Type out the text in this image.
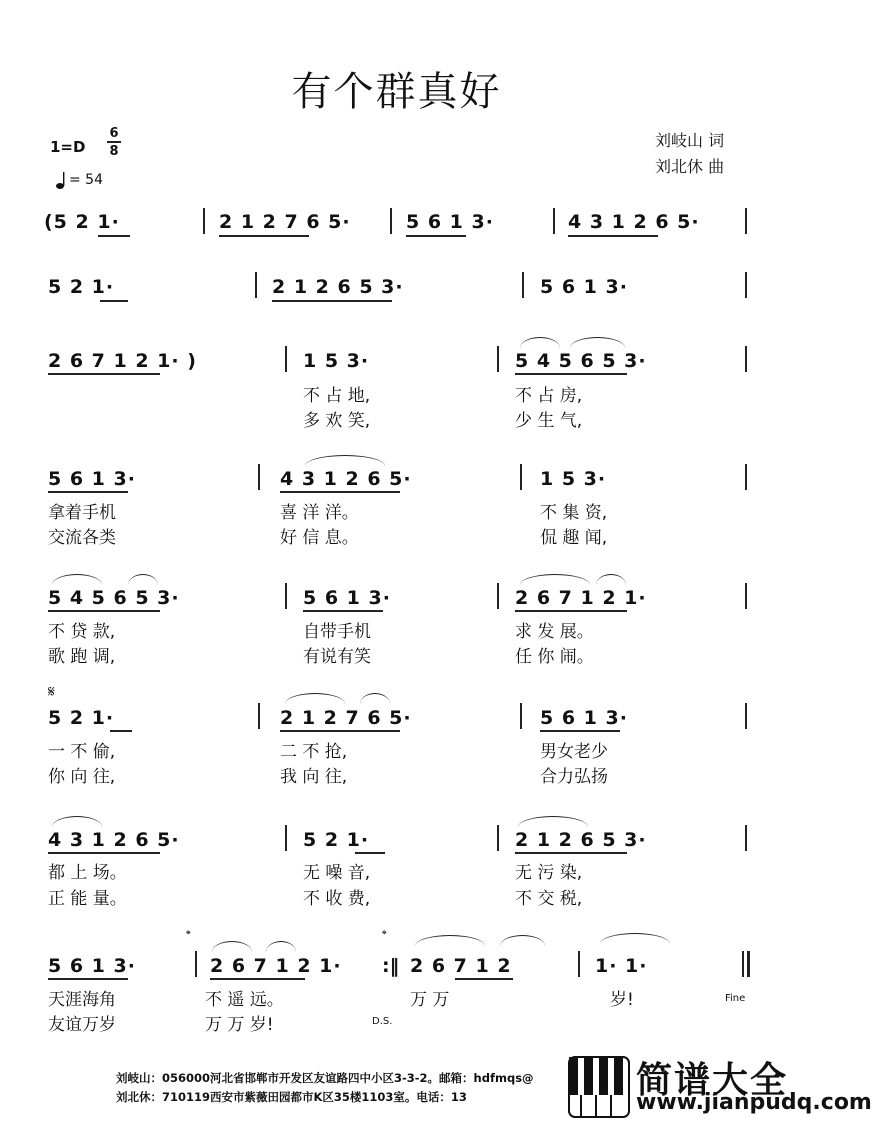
有个群真好
1=D
6
8
= 54
刘岐山 词
刘北休 曲
(5 2 1·	2 1 2 7 6 5·	5 6 1 3·	4 3 1 2 6 5·
5 2 1·	2 1 2 6 5 3·	5 6 1 3·
2 6 7 1 2 1· )	1 5 3·	5 4 5 6 5 3·
不 占 地,	不 占 房,
多 欢 笑,	少 生 气,
5 6 1 3·	4 3 1 2 6 5·	1 5 3·
拿着手机	喜 洋 洋。	不 集 资,
交流各类	好 信 息。	侃 趣 闻,
5 4 5 6 5 3·	5 6 1 3·	2 6 7 1 2 1·
不 贷 款,	自带手机	求 发 展。
歌 跑 调,	有说有笑	任 你 闹。
𝄋
5 2 1·	2 1 2 7 6 5·	5 6 1 3·
一 不 偷,	二 不 抢,	男女老少
你 向 往,	我 向 往,	合力弘扬
4 3 1 2 6 5·	5 2 1·	2 1 2 6 5 3·
都 上 场。	无 噪 音,	无 污 染,
正 能 量。	不 收 费,	不 交 税,
𝄌	𝄌
5 6 1 3·	2 6 7 1 2 1· :‖ 2 6 7 1 2	1· 1·
天涯海角	不 遥 远。	万 万	岁!
友谊万岁	万 万 岁!
Fine
D.S.
刘岐山：056000河北省邯郸市开发区友谊路四中小区3-3-2。邮箱：hdfmqs@
刘北休：710119西安市紫薇田园都市K区35楼1103室。电话：13	简谱大全
www.jianpudq.com
